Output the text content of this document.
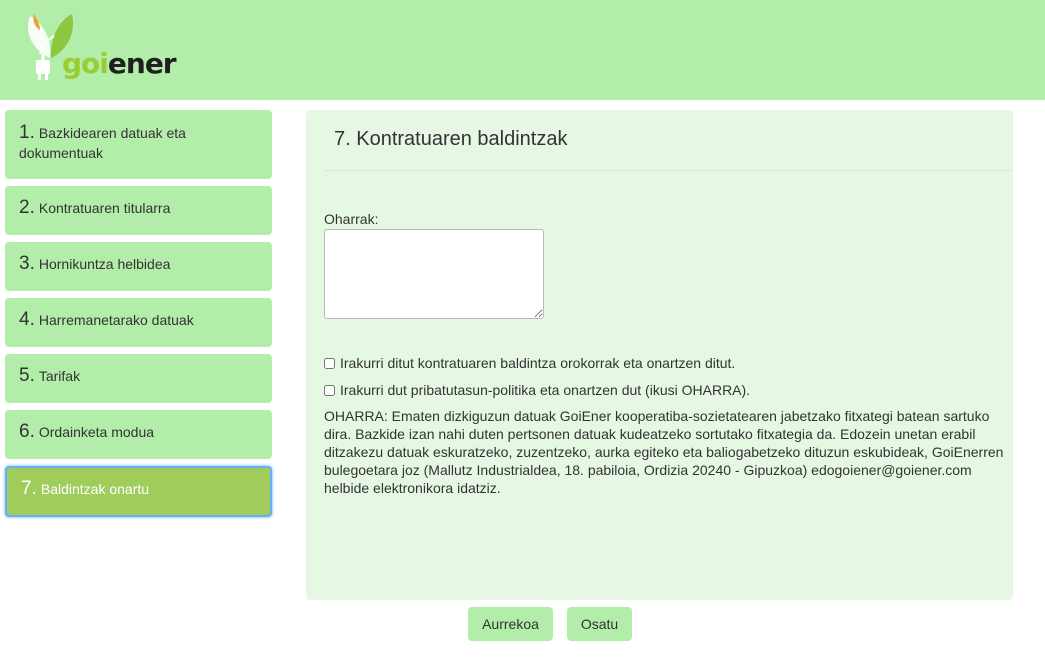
goiener
1. Bazkidearen datuak eta dokumentuak
2. Kontratuaren titularra
3. Hornikuntza helbidea
4. Harremanetarako datuak
5. Tarifak
6. Ordainketa modua
7. Baldintzak onartu
7. Kontratuaren baldintzak
Oharrak:
Irakurri ditut kontratuaren baldintza orokorrak eta onartzen ditut.
Irakurri dut pribatutasun-politika eta onartzen dut (ikusi OHARRA).

OHARRA: Ematen dizkiguzun datuak GoiEner kooperatiba-sozietatearen jabetzako fitxategi batean sartuko dira. Bazkide izan nahi duten pertsonen datuak kudeatzeko sortutako fitxategia da. Edozein unetan erabil ditzakezu datuak eskuratzeko, zuzentzeko, aurka egiteko eta baliogabetzeko dituzun eskubideak, GoiEnerren bulegoetara joz (Mallutz Industrialdea, 18. pabiloia, Ordizia 20240 - Gipuzkoa) edogoiener@goiener.com helbide elektronikora idatziz.

Aurrekoa	Osatu
